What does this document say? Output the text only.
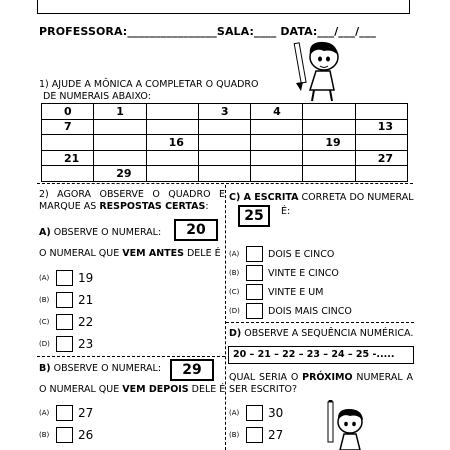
PROFESSORA:________________SALA:____ DATA:___/___/___
1) AJUDE A MÔNICA A COMPLETAR O QUADRO
DE NUMERAIS ABAIXO:
0	1		3	4		
7						13
		16			19	
21						27
	29					
2) AGORA OBSERVE O QUADRO E MARQUE AS RESPOSTAS CERTAS:
A) OBSERVE O NUMERAL:	20
O NUMERAL QUE VEM ANTES DELE É
(A)	19
(B)	21
(C)	22
(D)	23
B) OBSERVE O NUMERAL:	29
O NUMERAL QUE VEM DEPOIS DELE É
(A)	27
(B)	26
C) A ESCRITA CORRETA DO NUMERAL
25	É:
(A)	DOIS E CINCO
(B)	VINTE E CINCO
(C)	VINTE E UM
(D)	DOIS MAIS CINCO
D) OBSERVE A SEQUÊNCIA NUMÉRICA.
20 – 21 – 22 – 23 – 24 – 25 -.....
QUAL SERIA O PRÓXIMO NUMERAL A SER ESCRITO?
(A)	30
(B)	27
